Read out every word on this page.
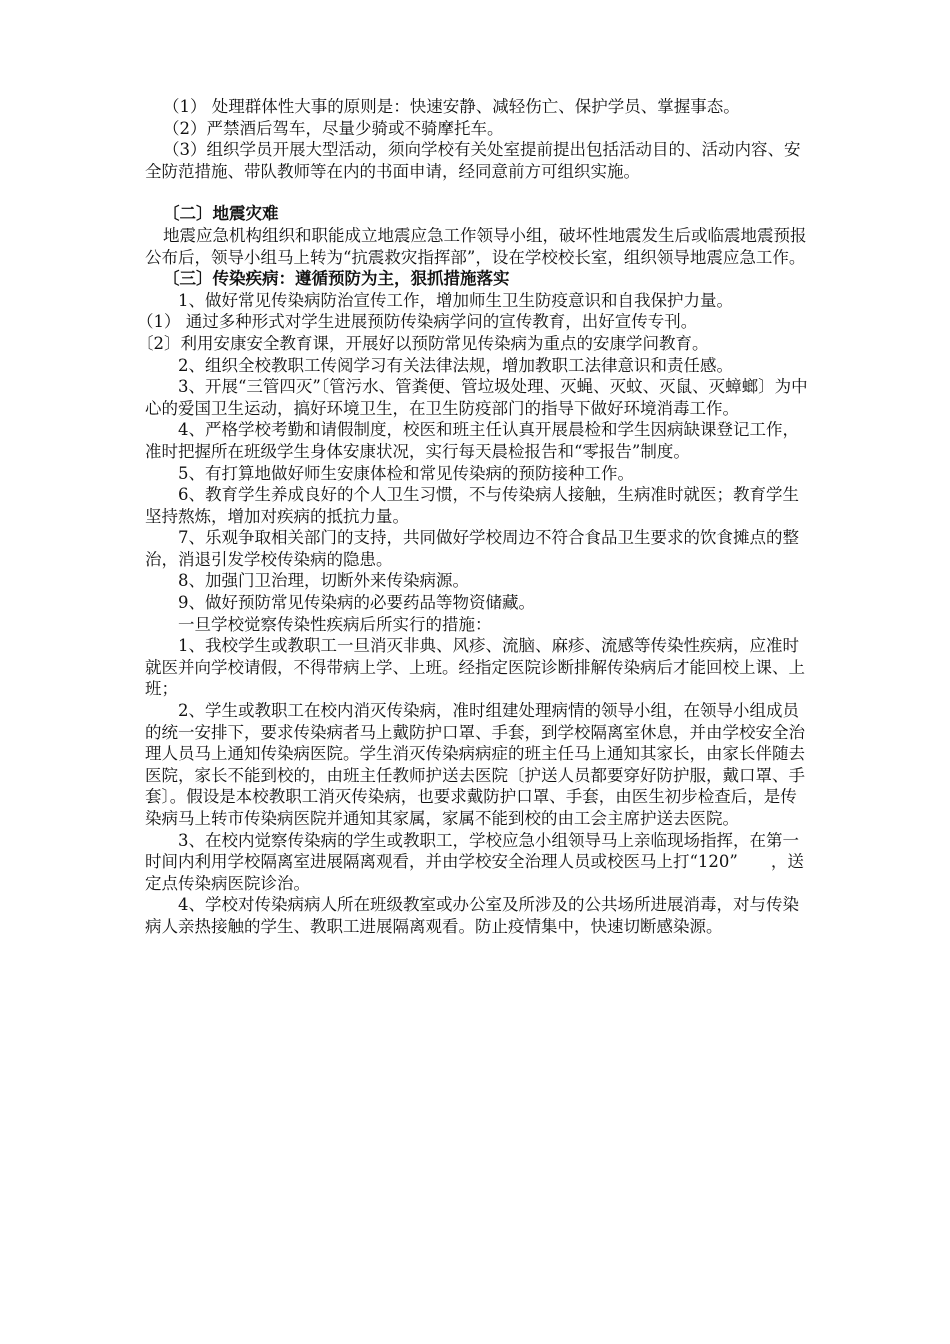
（1） 处理群体性大事的原则是：快速安静、减轻伤亡、保护学员、掌握事态。

（2）严禁酒后驾车，尽量少骑或不骑摩托车。

（3）组织学员开展大型活动，须向学校有关处室提前提出包括活动目的、活动内容、安全防范措施、带队教师等在内的书面申请，经同意前方可组织实施。

〔二〕地震灾难

地震应急机构组织和职能成立地震应急工作领导小组，破坏性地震发生后或临震地震预报公布后，领导小组马上转为“抗震救灾指挥部”，设在学校校长室，组织领导地震应急工作。

〔三〕传染疾病：遵循预防为主，狠抓措施落实

1、做好常见传染病防治宣传工作，增加师生卫生防疫意识和自我保护力量。

（1） 通过多种形式对学生进展预防传染病学问的宣传教育，出好宣传专刊。

〔2〕利用安康安全教育课，开展好以预防常见传染病为重点的安康学问教育。

2、组织全校教职工传阅学习有关法律法规，增加教职工法律意识和责任感。

3、开展“三管四灭”〔管污水、管粪便、管垃圾处理、灭蝇、灭蚊、灭鼠、灭蟑螂〕为中心的爱国卫生运动，搞好环境卫生，在卫生防疫部门的指导下做好环境消毒工作。

4、严格学校考勤和请假制度，校医和班主任认真开展晨检和学生因病缺课登记工作，准时把握所在班级学生身体安康状况，实行每天晨检报告和“零报告”制度。

5、有打算地做好师生安康体检和常见传染病的预防接种工作。

6、教育学生养成良好的个人卫生习惯，不与传染病人接触，生病准时就医；教育学生坚持熬炼，增加对疾病的抵抗力量。

7、乐观争取相关部门的支持，共同做好学校周边不符合食品卫生要求的饮食摊点的整治，消退引发学校传染病的隐患。

8、加强门卫治理，切断外来传染病源。

9、做好预防常见传染病的必要药品等物资储藏。

一旦学校觉察传染性疾病后所实行的措施：

1、我校学生或教职工一旦消灭非典、风疹、流脑、麻疹、流感等传染性疾病，应准时就医并向学校请假，不得带病上学、上班。经指定医院诊断排解传染病后才能回校上课、上班；

2、学生或教职工在校内消灭传染病，准时组建处理病情的领导小组，在领导小组成员的统一安排下，要求传染病者马上戴防护口罩、手套，到学校隔离室休息，并由学校安全治理人员马上通知传染病医院。学生消灭传染病病症的班主任马上通知其家长，由家长伴随去医院，家长不能到校的，由班主任教师护送去医院〔护送人员都要穿好防护服，戴口罩、手套〕。假设是本校教职工消灭传染病，也要求戴防护口罩、手套，由医生初步检查后，是传染病马上转市传染病医院并通知其家属，家属不能到校的由工会主席护送去医院。

3、在校内觉察传染病的学生或教职工，学校应急小组领导马上亲临现场指挥，在第一时间内利用学校隔离室进展隔离观看，并由学校安全治理人员或校医马上打“120”　　，送定点传染病医院诊治。

4、学校对传染病病人所在班级教室或办公室及所涉及的公共场所进展消毒，对与传染病人亲热接触的学生、教职工进展隔离观看。防止疫情集中，快速切断感染源。
